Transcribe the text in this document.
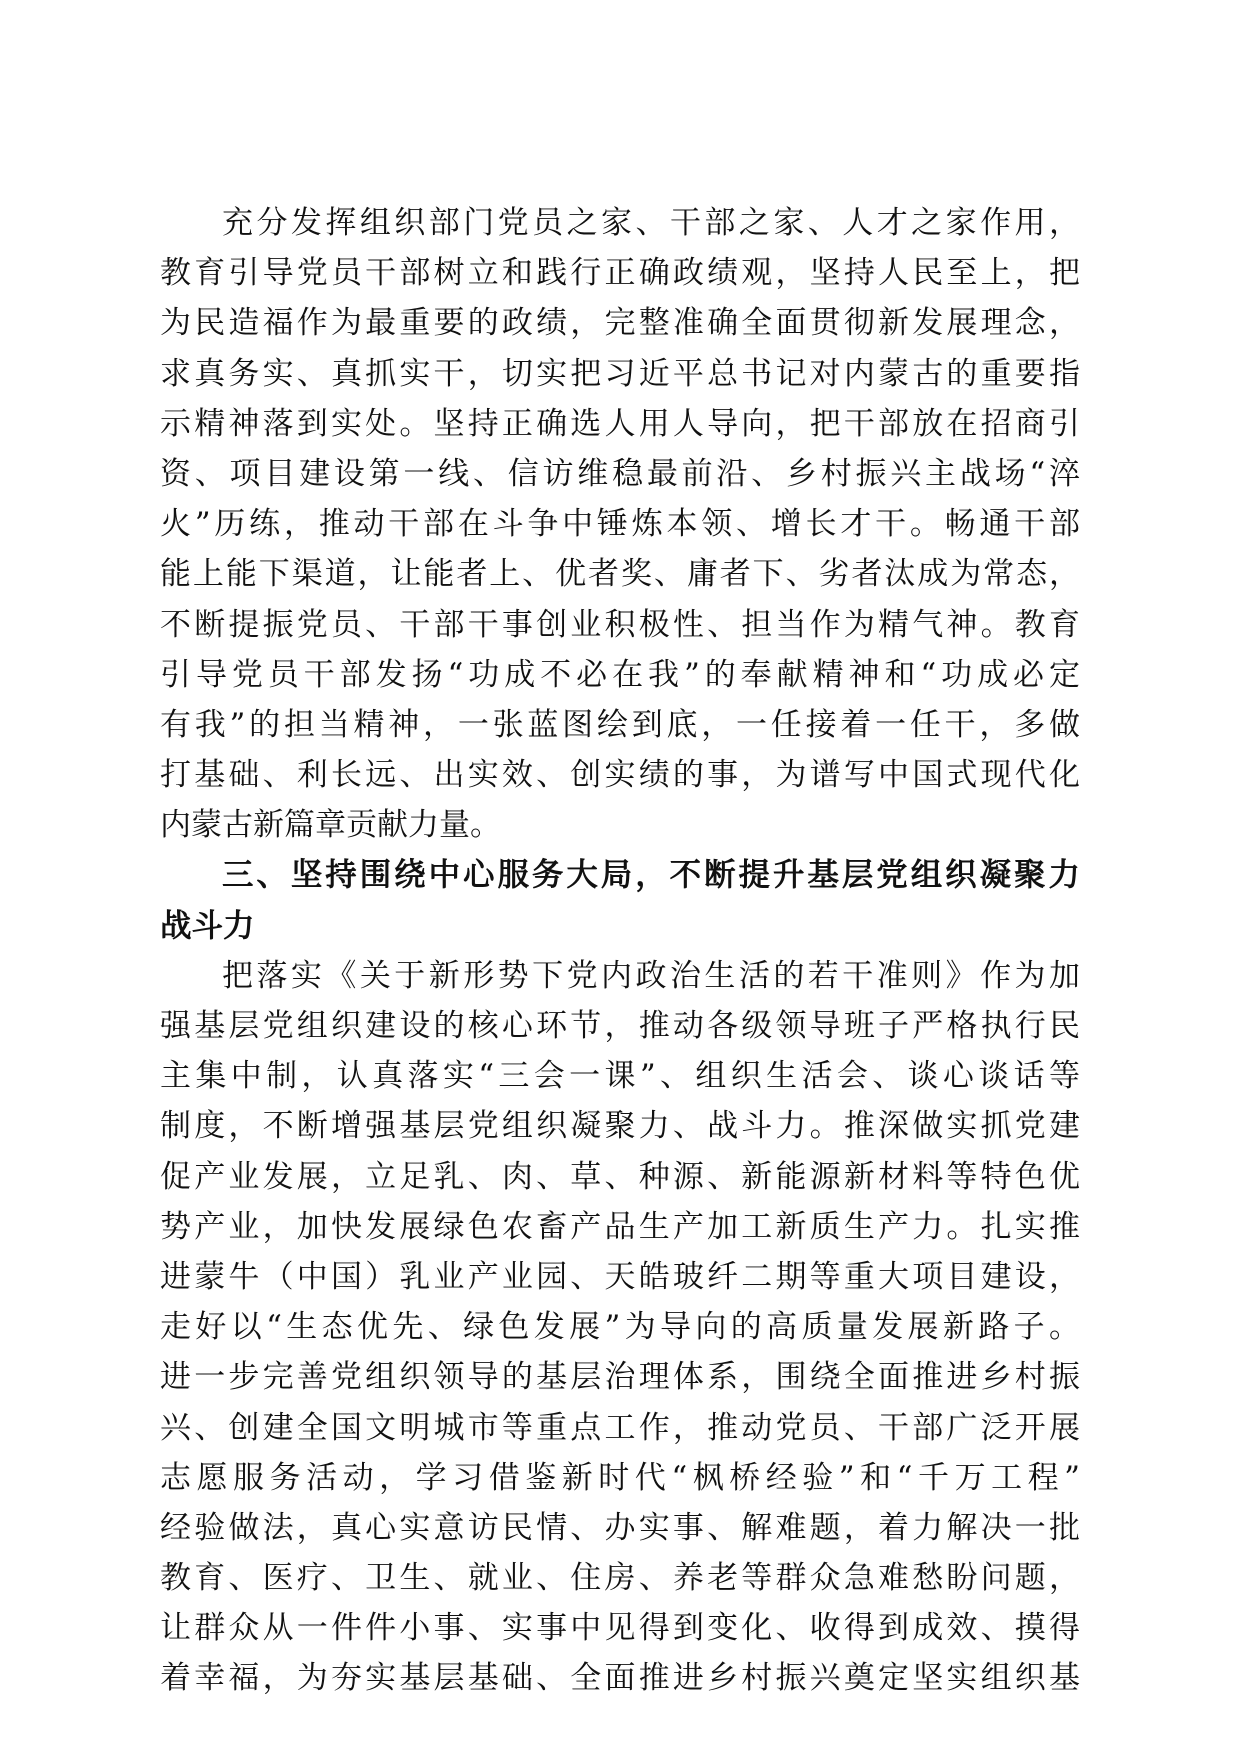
充分发挥组织部门党员之家、干部之家、人才之家作用，
教育引导党员干部树立和践行正确政绩观，坚持人民至上，把
为民造福作为最重要的政绩，完整准确全面贯彻新发展理念，
求真务实、真抓实干，切实把习近平总书记对内蒙古的重要指
示精神落到实处。坚持正确选人用人导向，把干部放在招商引
资、项目建设第一线、信访维稳最前沿、乡村振兴主战场“淬
火”历练，推动干部在斗争中锤炼本领、增长才干。畅通干部
能上能下渠道，让能者上、优者奖、庸者下、劣者汰成为常态，
不断提振党员、干部干事创业积极性、担当作为精气神。教育
引导党员干部发扬“功成不必在我”的奉献精神和“功成必定
有我”的担当精神，一张蓝图绘到底，一任接着一任干，多做
打基础、利长远、出实效、创实绩的事，为谱写中国式现代化
内蒙古新篇章贡献力量。
三、坚持围绕中心服务大局，不断提升基层党组织凝聚力
战斗力
把落实《关于新形势下党内政治生活的若干准则》作为加
强基层党组织建设的核心环节，推动各级领导班子严格执行民
主集中制，认真落实“三会一课”、组织生活会、谈心谈话等
制度，不断增强基层党组织凝聚力、战斗力。推深做实抓党建
促产业发展，立足乳、肉、草、种源、新能源新材料等特色优
势产业，加快发展绿色农畜产品生产加工新质生产力。扎实推
进蒙牛（中国）乳业产业园、天皓玻纤二期等重大项目建设，
走好以“生态优先、绿色发展”为导向的高质量发展新路子。
进一步完善党组织领导的基层治理体系，围绕全面推进乡村振
兴、创建全国文明城市等重点工作，推动党员、干部广泛开展
志愿服务活动，学习借鉴新时代“枫桥经验”和“千万工程”
经验做法，真心实意访民情、办实事、解难题，着力解决一批
教育、医疗、卫生、就业、住房、养老等群众急难愁盼问题，
让群众从一件件小事、实事中见得到变化、收得到成效、摸得
着幸福，为夯实基层基础、全面推进乡村振兴奠定坚实组织基
